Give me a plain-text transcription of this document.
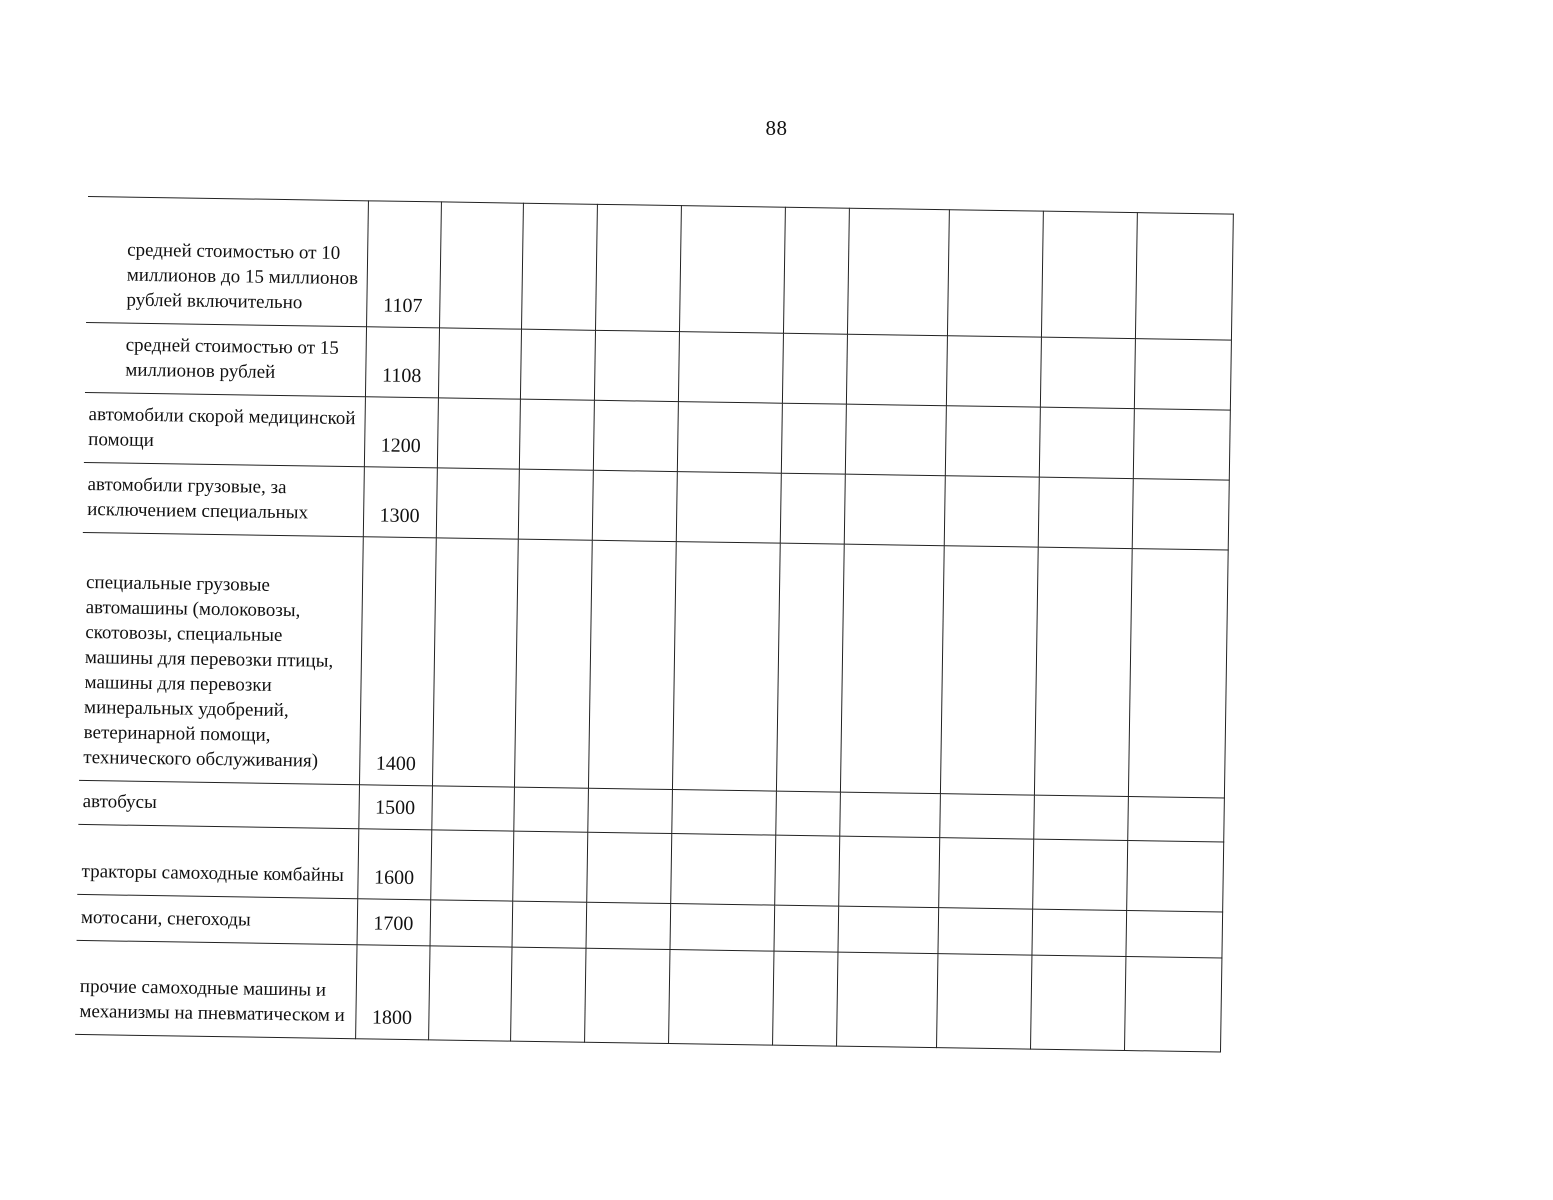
88
средней стоимостью от 10 миллионов до 15 миллионов рублей включительно	1107									
средней стоимостью от 15 миллионов рублей	1108									
автомобили скорой медицинской помощи	1200									
автомобили грузовые, за исключением специальных	1300									
специальные грузовые автомашины (молоковозы, скотовозы, специальные машины для перевозки птицы, машины для перевозки минеральных удобрений, ветеринарной помощи, технического обслуживания)	1400									
автобусы	1500									
тракторы самоходные комбайны	1600									
мотосани, снегоходы	1700									
прочие самоходные машины и механизмы на пневматическом и	1800									
